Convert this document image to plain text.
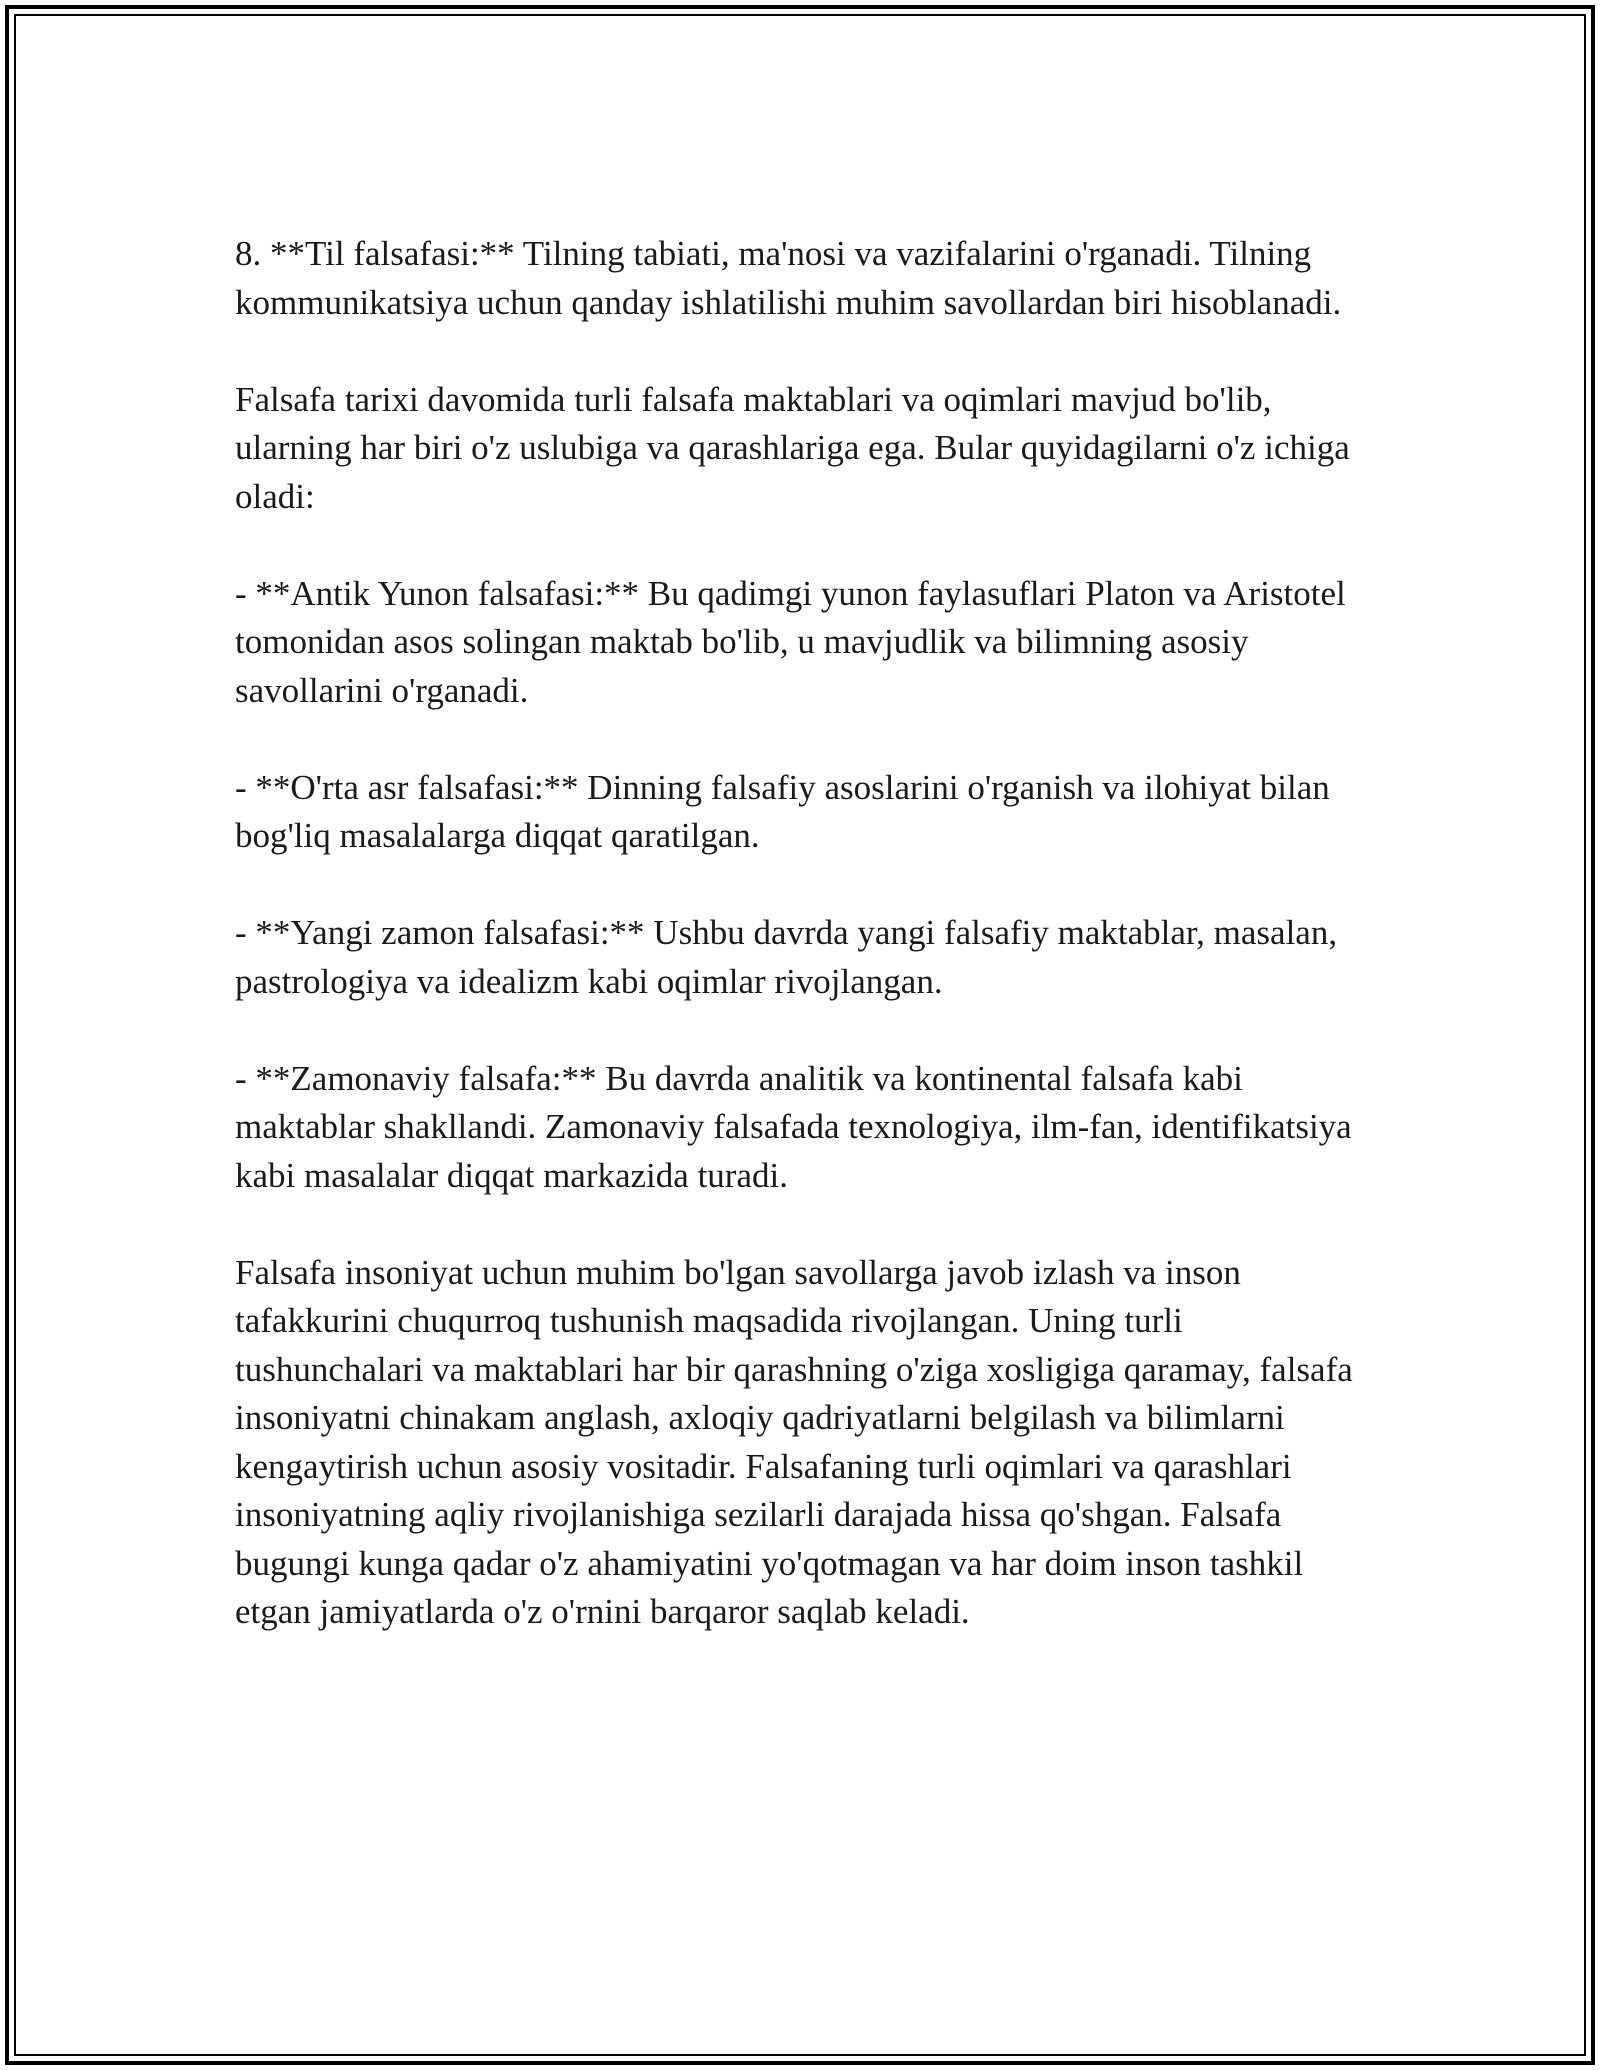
8. **Til falsafasi:** Tilning tabiati, ma'nosi va vazifalarini o'rganadi. Tilning kommunikatsiya uchun qanday ishlatilishi muhim savollardan biri hisoblanadi.

Falsafa tarixi davomida turli falsafa maktablari va oqimlari mavjud bo'lib, ularning har biri o'z uslubiga va qarashlariga ega. Bular quyidagilarni o'z ichiga oladi:

- **Antik Yunon falsafasi:** Bu qadimgi yunon faylasuflari Platon va Aristotel tomonidan asos solingan maktab bo'lib, u mavjudlik va bilimning asosiy savollarini o'rganadi.

- **O'rta asr falsafasi:** Dinning falsafiy asoslarini o'rganish va ilohiyat bilan bog'liq masalalarga diqqat qaratilgan.

- **Yangi zamon falsafasi:** Ushbu davrda yangi falsafiy maktablar, masalan, pastrologiya va idealizm kabi oqimlar rivojlangan.

- **Zamonaviy falsafa:** Bu davrda analitik va kontinental falsafa kabi maktablar shakllandi. Zamonaviy falsafada texnologiya, ilm-fan, identifikatsiya kabi masalalar diqqat markazida turadi.

Falsafa insoniyat uchun muhim bo'lgan savollarga javob izlash va inson tafakkurini chuqurroq tushunish maqsadida rivojlangan. Uning turli tushunchalari va maktablari har bir qarashning o'ziga xosligiga qaramay, falsafa insoniyatni chinakam anglash, axloqiy qadriyatlarni belgilash va bilimlarni kengaytirish uchun asosiy vositadir. Falsafaning turli oqimlari va qarashlari insoniyatning aqliy rivojlanishiga sezilarli darajada hissa qo'shgan. Falsafa bugungi kunga qadar o'z ahamiyatini yo'qotmagan va har doim inson tashkil etgan jamiyatlarda o'z o'rnini barqaror saqlab keladi.
